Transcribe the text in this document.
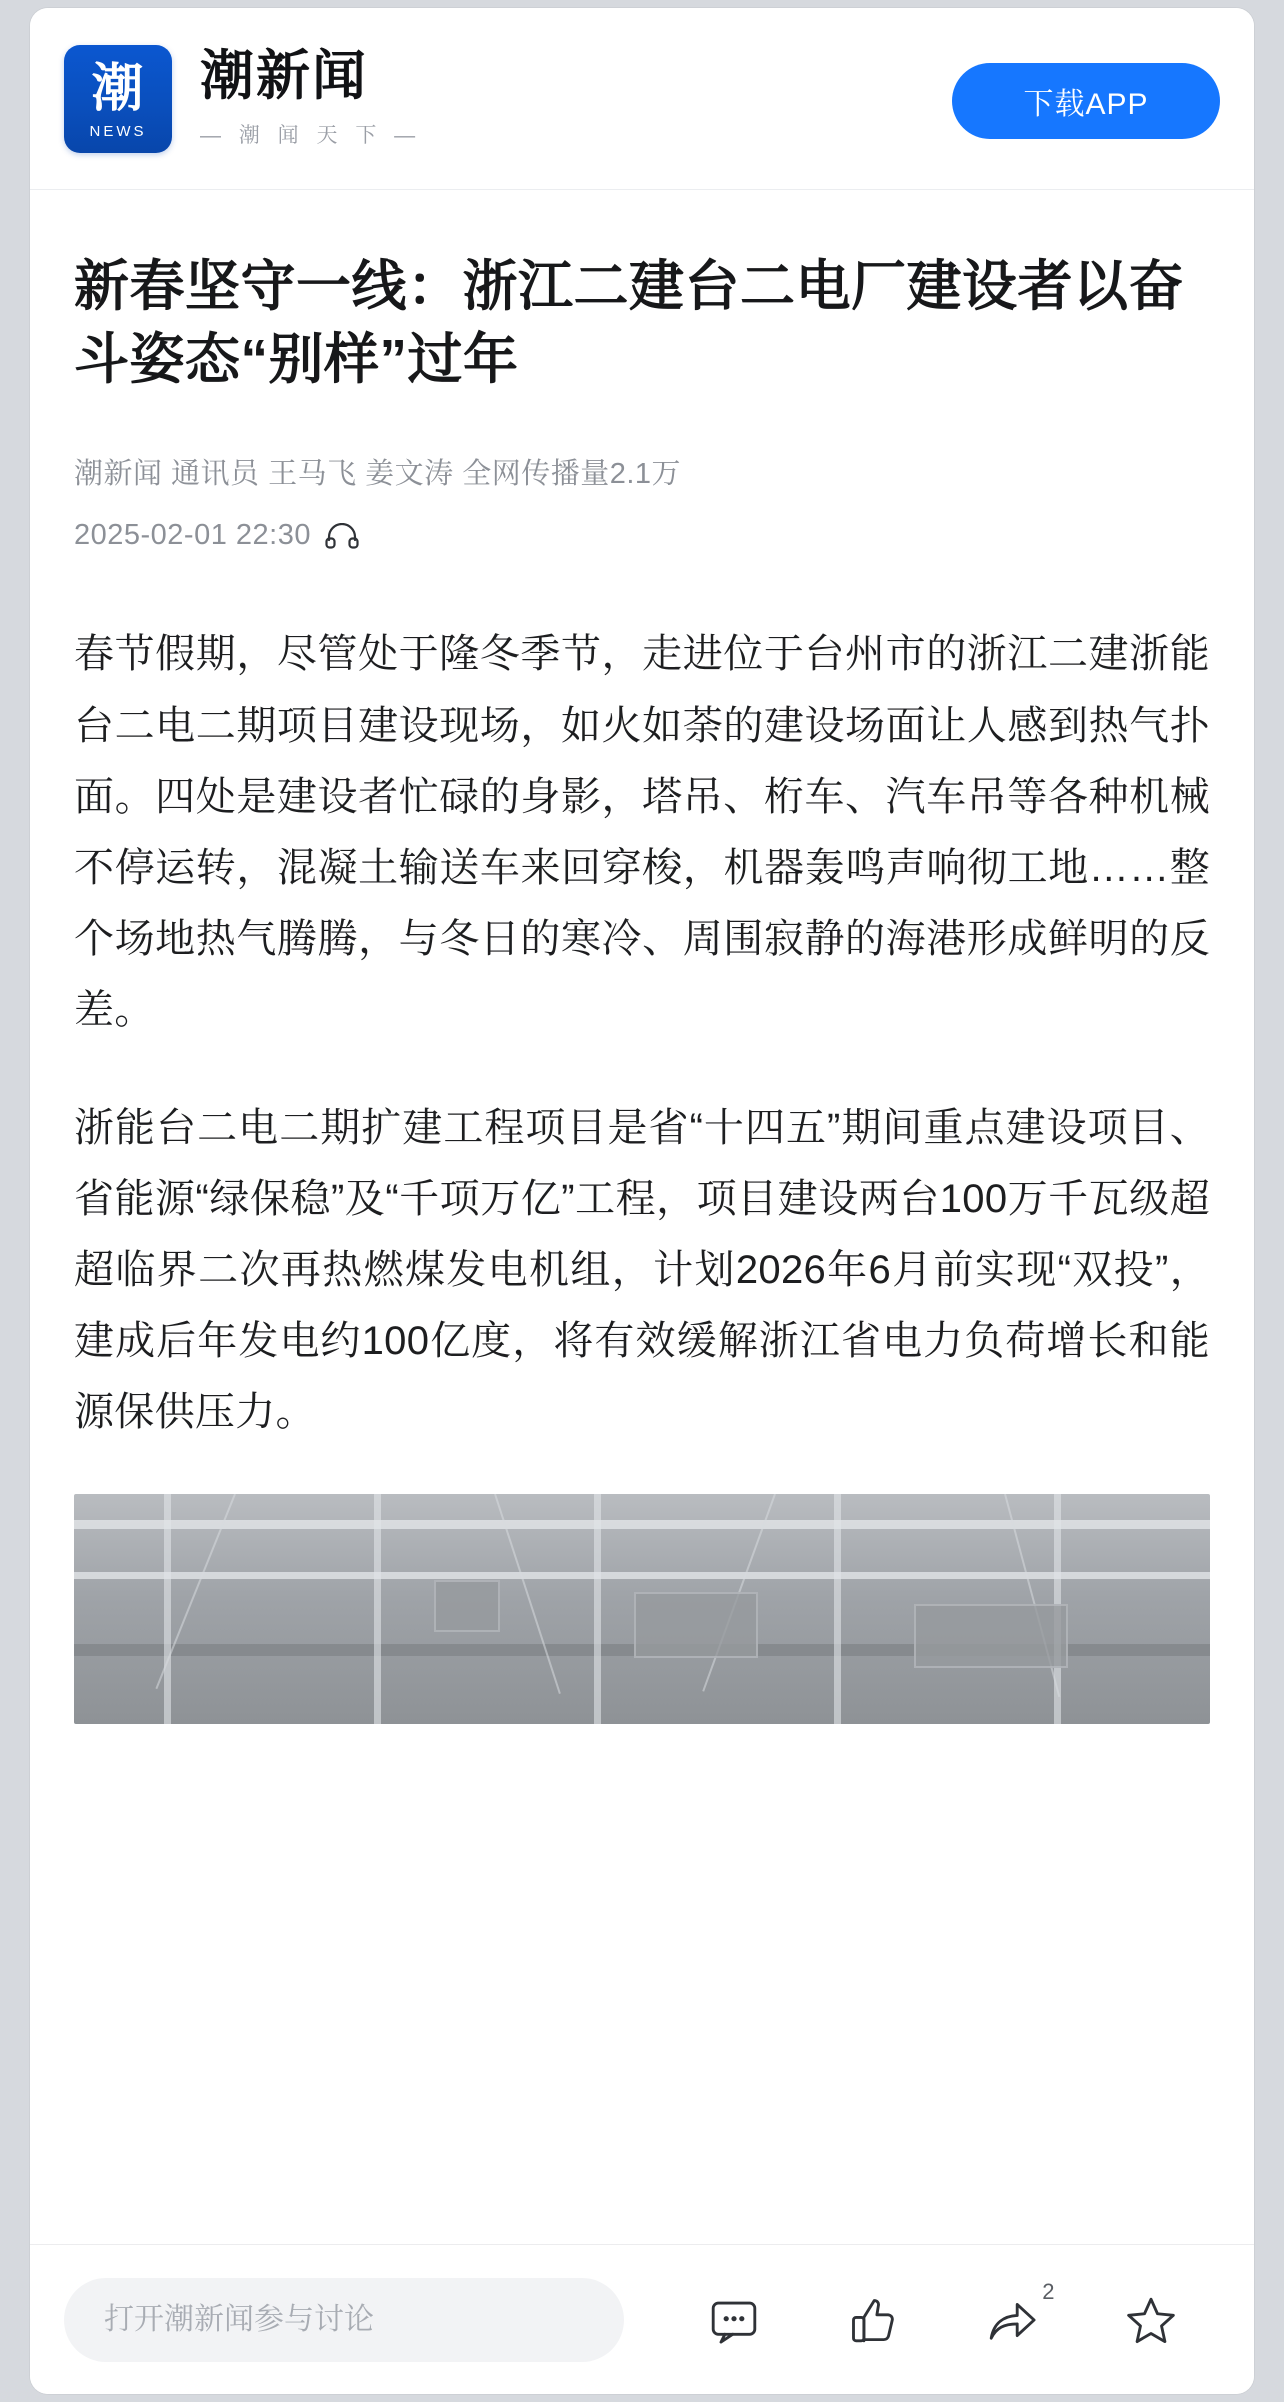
潮
NEWS
潮新闻
— 潮 闻 天 下 —
下载APP
新春坚守一线：浙江二建台二电厂建设者以奋斗姿态“别样”过年
潮新闻 通讯员 王马飞 姜文涛 全网传播量2.1万
2025-02-01 22:30

春节假期，尽管处于隆冬季节，走进位于台州市的浙江二建浙能台二电二期项目建设现场，如火如荼的建设场面让人感到热气扑面。四处是建设者忙碌的身影，塔吊、桁车、汽车吊等各种机械不停运转，混凝土输送车来回穿梭，机器轰鸣声响彻工地……整个场地热气腾腾，与冬日的寒冷、周围寂静的海港形成鲜明的反差。

浙能台二电二期扩建工程项目是省“十四五”期间重点建设项目、省能源“绿保稳”及“千项万亿”工程，项目建设两台100万千瓦级超超临界二次再热燃煤发电机组，计划2026年6月前实现“双投”，建成后年发电约100亿度，将有效缓解浙江省电力负荷增长和能源保供压力。

打开潮新闻参与讨论
2
